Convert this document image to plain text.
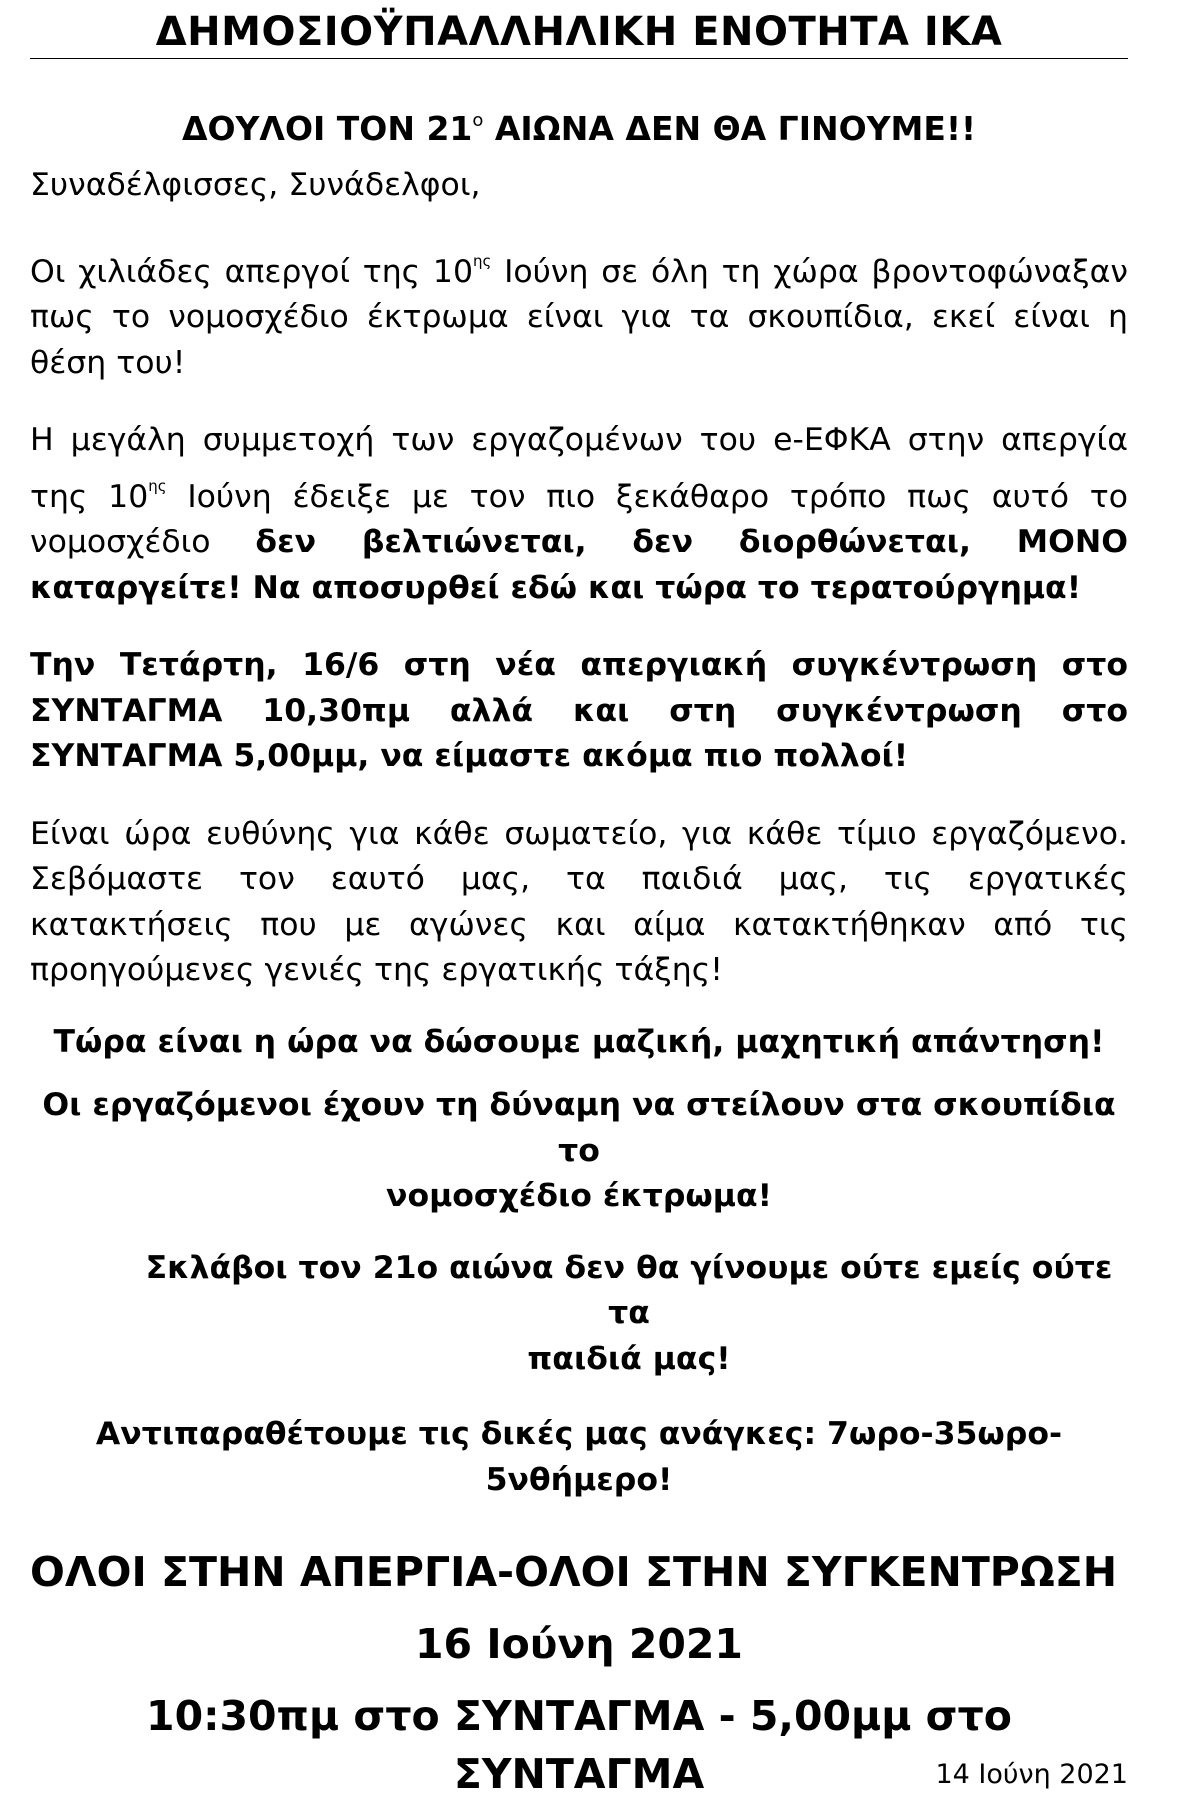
ΔΗΜΟΣΙΟΫΠΑΛΛΗΛΙΚΗ ΕΝΟΤΗΤΑ ΙΚΑ
ΔΟΥΛΟΙ ΤΟΝ $21^o$ ΑΙΩΝΑ ΔΕΝ ΘΑ ΓΙΝΟΥΜΕ!!

Συναδέλφισσες, Συνάδελφοι,

Οι χιλιάδες απεργοί της $10^{\eta\varsigma}$ Ιούνη σε όλη τη χώρα βροντοφώναξαν πως το νομοσχέδιο έκτρωμα είναι για τα σκουπίδια, εκεί είναι η θέση του!

Η μεγάλη συμμετοχή των εργαζομένων του e-ΕΦΚΑ στην απεργία της $10^{\eta\varsigma}$ Ιούνη έδειξε με τον πιο ξεκάθαρο τρόπο πως αυτό το νομοσχέδιο δεν βελτιώνεται, δεν διορθώνεται, ΜΟΝΟ καταργείτε! Να αποσυρθεί εδώ και τώρα το τερατούργημα!

Την Τετάρτη, 16/6 στη νέα απεργιακή συγκέντρωση στο ΣΥΝΤΑΓΜΑ 10,30πμ αλλά και στη συγκέντρωση στο ΣΥΝΤΑΓΜΑ 5,00μμ, να είμαστε ακόμα πιο πολλοί!

Είναι ώρα ευθύνης για κάθε σωματείο, για κάθε τίμιο εργαζόμενο. Σεβόμαστε τον εαυτό μας, τα παιδιά μας, τις εργατικές κατακτήσεις που με αγώνες και αίμα κατακτήθηκαν από τις προηγούμενες γενιές της εργατικής τάξης!

Τώρα είναι η ώρα να δώσουμε μαζική, μαχητική απάντηση!

Οι εργαζόμενοι έχουν τη δύναμη να στείλουν στα σκουπίδια το
νομοσχέδιο έκτρωμα!
Σκλάβοι τον 21ο αιώνα δεν θα γίνουμε ούτε εμείς ούτε τα
παιδιά μας!
Αντιπαραθέτουμε τις δικές μας ανάγκες: 7ωρο-35ωρο-
5νθήμερο!
ΟΛΟΙ ΣΤΗΝ ΑΠΕΡΓΙΑ-ΟΛΟΙ ΣΤΗΝ ΣΥΓΚΕΝΤΡΩΣΗ
16 Ιούνη 2021
10:30πμ στο ΣΥΝΤΑΓΜΑ - 5,00μμ στο ΣΥΝΤΑΓΜΑ	14 Ιούνη 2021
